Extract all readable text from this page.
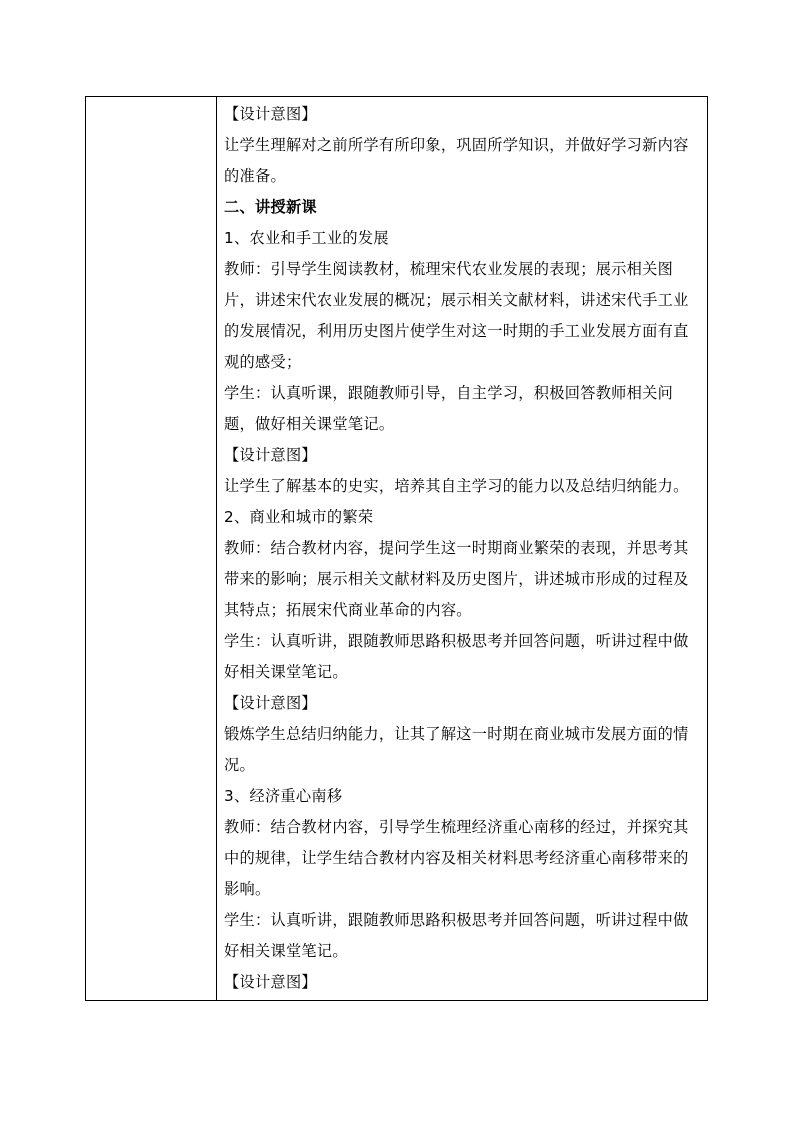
【设计意图】

让学生理解对之前所学有所印象，巩固所学知识，并做好学习新内容的准备。

二、讲授新课

1、农业和手工业的发展

教师：引导学生阅读教材，梳理宋代农业发展的表现；展示相关图片，讲述宋代农业发展的概况；展示相关文献材料，讲述宋代手工业的发展情况，利用历史图片使学生对这一时期的手工业发展方面有直观的感受；

学生：认真听课，跟随教师引导，自主学习，积极回答教师相关问题，做好相关课堂笔记。

【设计意图】

让学生了解基本的史实，培养其自主学习的能力以及总结归纳能力。

2、商业和城市的繁荣

教师：结合教材内容，提问学生这一时期商业繁荣的表现，并思考其带来的影响；展示相关文献材料及历史图片，讲述城市形成的过程及其特点；拓展宋代商业革命的内容。

学生：认真听讲，跟随教师思路积极思考并回答问题，听讲过程中做好相关课堂笔记。

【设计意图】

锻炼学生总结归纳能力，让其了解这一时期在商业城市发展方面的情况。

3、经济重心南移

教师：结合教材内容，引导学生梳理经济重心南移的经过，并探究其中的规律，让学生结合教材内容及相关材料思考经济重心南移带来的影响。

学生：认真听讲，跟随教师思路积极思考并回答问题，听讲过程中做好相关课堂笔记。

【设计意图】
